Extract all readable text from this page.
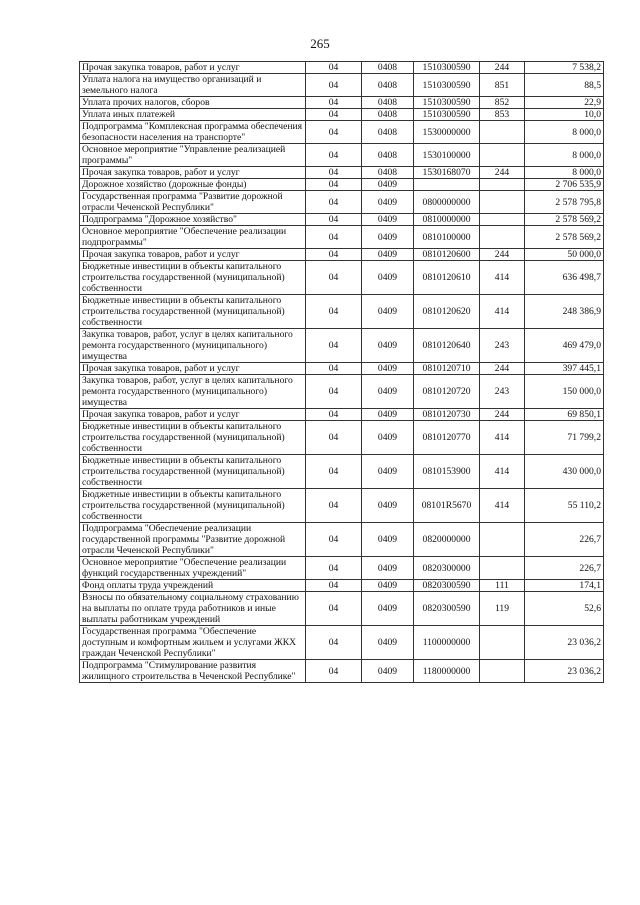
265
Прочая закупка товаров, работ и услуг	04	0408	1510300590	244	7 538,2
Уплата налога на имущество организаций и земельного налога	04	0408	1510300590	851	88,5
Уплата прочих налогов, сборов	04	0408	1510300590	852	22,9
Уплата иных платежей	04	0408	1510300590	853	10,0
Подпрограмма "Комплексная программа обеспечения безопасности населения на транспорте"	04	0408	1530000000		8 000,0
Основное мероприятие "Управление реализацией программы"	04	0408	1530100000		8 000,0
Прочая закупка товаров, работ и услуг	04	0408	1530168070	244	8 000,0
Дорожное хозяйство (дорожные фонды)	04	0409			2 706 535,9
Государственная программа "Развитие дорожной отрасли Чеченской Республики"	04	0409	0800000000		2 578 795,8
Подпрограмма "Дорожное хозяйство"	04	0409	0810000000		2 578 569,2
Основное мероприятие "Обеспечение реализации подпрограммы"	04	0409	0810100000		2 578 569,2
Прочая закупка товаров, работ и услуг	04	0409	0810120600	244	50 000,0
Бюджетные инвестиции в объекты капитального строительства государственной (муниципальной) собственности	04	0409	0810120610	414	636 498,7
Бюджетные инвестиции в объекты капитального строительства государственной (муниципальной) собственности	04	0409	0810120620	414	248 386,9
Закупка товаров, работ, услуг в целях капитального ремонта государственного (муниципального) имущества	04	0409	0810120640	243	469 479,0
Прочая закупка товаров, работ и услуг	04	0409	0810120710	244	397 445,1
Закупка товаров, работ, услуг в целях капитального ремонта государственного (муниципального) имущества	04	0409	0810120720	243	150 000,0
Прочая закупка товаров, работ и услуг	04	0409	0810120730	244	69 850,1
Бюджетные инвестиции в объекты капитального строительства государственной (муниципальной) собственности	04	0409	0810120770	414	71 799,2
Бюджетные инвестиции в объекты капитального строительства государственной (муниципальной) собственности	04	0409	0810153900	414	430 000,0
Бюджетные инвестиции в объекты капитального строительства государственной (муниципальной) собственности	04	0409	08101R5670	414	55 110,2
Подпрограмма "Обеспечение реализации государственной программы "Развитие дорожной отрасли Чеченской Республики"	04	0409	0820000000		226,7
Основное мероприятие "Обеспечение реализации функций государственных учреждений"	04	0409	0820300000		226,7
Фонд оплаты труда учреждений	04	0409	0820300590	111	174,1
Взносы по обязательному социальному страхованию на выплаты по оплате труда работников и иные выплаты работникам учреждений	04	0409	0820300590	119	52,6
Государственная программа "Обеспечение доступным и комфортным жильем и услугами ЖКХ граждан Чеченской Республики"	04	0409	1100000000		23 036,2
Подпрограмма "Стимулирование развития жилищного строительства в Чеченской Республике"	04	0409	1180000000		23 036,2
